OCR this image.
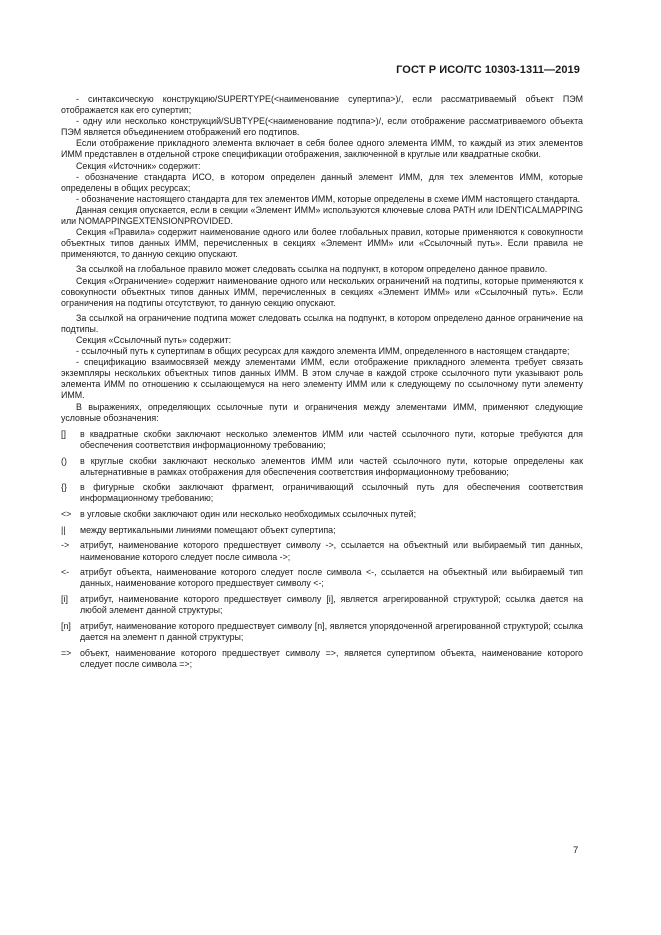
ГОСТ Р ИСО/ТС 10303-1311—2019

- синтаксическую конструкцию/SUPERTYPE(<наименование супертипа>)/, если рассматриваемый объект ПЭМ отображается как его супертип;

- одну или несколько конструкций/SUBTYPE(<наименование подтипа>)/, если отображение рассматриваемого объекта ПЭМ является объединением отображений его подтипов.

Если отображение прикладного элемента включает в себя более одного элемента ИММ, то каждый из этих элементов ИММ представлен в отдельной строке спецификации отображения, заключенной в круглые или квадратные скобки.

Секция «Источник» содержит:

- обозначение стандарта ИСО, в котором определен данный элемент ИММ, для тех элементов ИММ, которые определены в общих ресурсах;

- обозначение настоящего стандарта для тех элементов ИММ, которые определены в схеме ИММ настоящего стандарта.

Данная секция опускается, если в секции «Элемент ИММ» используются ключевые слова PATH или IDENTICALMAPPING или NOMAPPINGEXTENSIONPROVIDED.

Секция «Правила» содержит наименование одного или более глобальных правил, которые применяются к совокупности объектных типов данных ИММ, перечисленных в секциях «Элемент ИММ» или «Ссылочный путь». Если правила не применяются, то данную секцию опускают.

За ссылкой на глобальное правило может следовать ссылка на подпункт, в котором определено данное правило.

Секция «Ограничение» содержит наименование одного или нескольких ограничений на подтипы, которые применяются к совокупности объектных типов данных ИММ, перечисленных в секциях «Элемент ИММ» или «Ссылочный путь». Если ограничения на подтипы отсутствуют, то данную секцию опускают.

За ссылкой на ограничение подтипа может следовать ссылка на подпункт, в котором определено данное ограничение на подтипы.

Секция «Ссылочный путь» содержит:

- ссылочный путь к супертипам в общих ресурсах для каждого элемента ИММ, определенного в настоящем стандарте;

- спецификацию взаимосвязей между элементами ИММ, если отображение прикладного элемента требует связать экземпляры нескольких объектных типов данных ИММ. В этом случае в каждой строке ссылочного пути указывают роль элемента ИММ по отношению к ссылающемуся на него элементу ИММ или к следующему по ссылочному пути элементу ИММ.

В выражениях, определяющих ссылочные пути и ограничения между элементами ИММ, применяют следующие условные обозначения:

[]	в квадратные скобки заключают несколько элементов ИММ или частей ссылочного пути, которые требуются для обеспечения соответствия информационному требованию;
()	в круглые скобки заключают несколько элементов ИММ или частей ссылочного пути, которые определены как альтернативные в рамках отображения для обеспечения соответствия информационному требованию;
{}	в фигурные скобки заключают фрагмент, ограничивающий ссылочный путь для обеспечения соответствия информационному требованию;
<> в угловые скобки заключают один или несколько необходимых ссылочных путей;
||	между вертикальными линиями помещают объект супертипа;
->	атрибут, наименование которого предшествует символу ->, ссылается на объектный или выбираемый тип данных, наименование которого следует после символа ->;
<-	атрибут объекта, наименование которого следует после символа <-, ссылается на объектный или выбираемый тип данных, наименование которого предшествует символу <-;
[i]	атрибут, наименование которого предшествует символу [i], является агрегированной структурой; ссылка дается на любой элемент данной структуры;
[n]	атрибут, наименование которого предшествует символу [n], является упорядоченной агрегированной структурой; ссылка дается на элемент n данной структуры;
=> объект, наименование которого предшествует символу =>, является супертипом объекта, наименование которого следует после символа =>;
7
